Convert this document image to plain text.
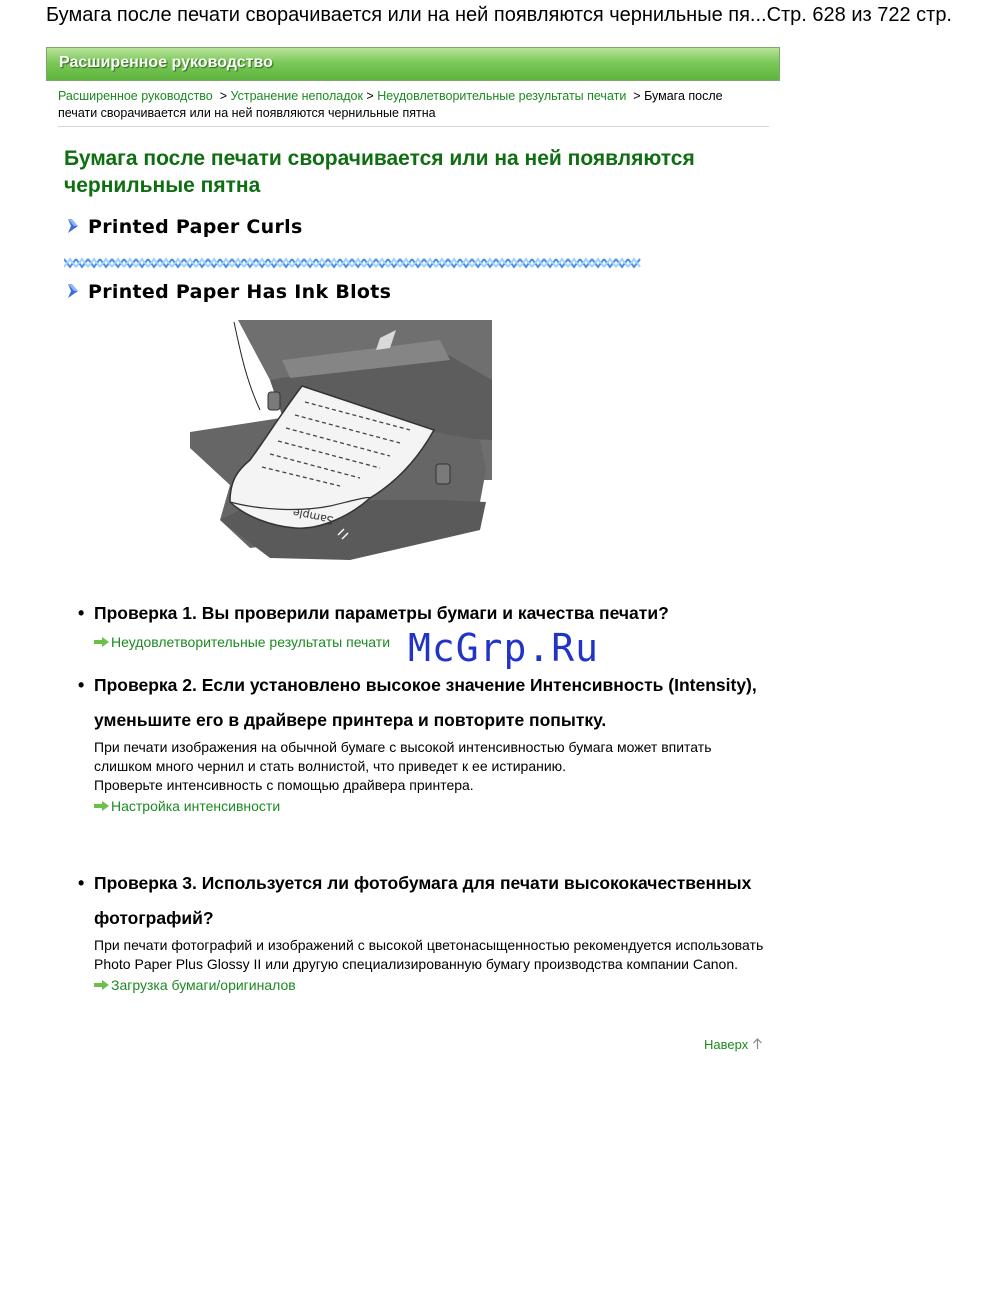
Бумага после печати сворачивается или на ней появляются чернильные пя... Стр. 628 из 722 стр.
Расширенное руководство
Расширенное руководство > Устранение неполадок > Неудовлетворительные результаты печати > Бумага после печати сворачивается или на ней появляются чернильные пятна
Бумага после печати сворачивается или на ней появляются чернильные пятна
Printed Paper Curls
Printed Paper Has Ink Blots
Sample
• Проверка 1. Вы проверили параметры бумаги и качества печати?
Неудовлетворительные результаты печати
• Проверка 2. Если установлено высокое значение Интенсивность (Intensity), уменьшите его в драйвере принтера и повторите попытку.

При печати изображения на обычной бумаге с высокой интенсивностью бумага может впитать слишком много чернил и стать волнистой, что приведет к ее истиранию.

Проверьте интенсивность с помощью драйвера принтера.

Настройка интенсивности
• Проверка 3. Используется ли фотобумага для печати высококачественных фотографий?

При печати фотографий и изображений с высокой цветонасыщенностью рекомендуется использовать Photo Paper Plus Glossy II или другую специализированную бумагу производства компании Canon.

Загрузка бумаги/оригиналов
McGrp.Ru
Наверх
